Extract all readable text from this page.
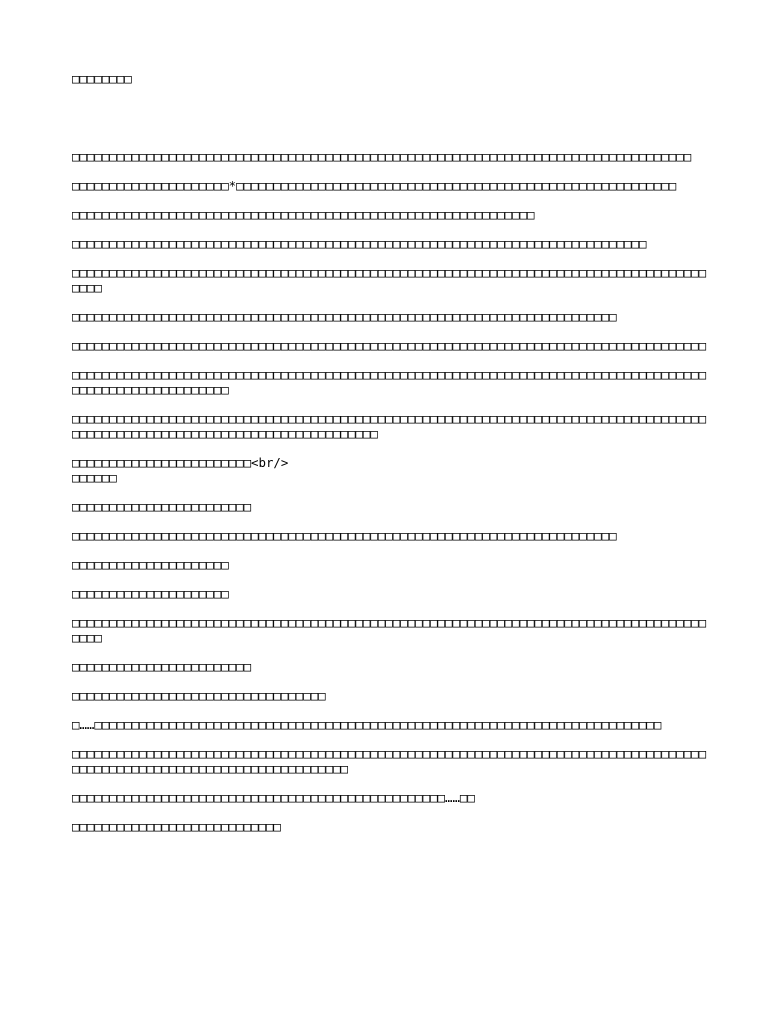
□□□□□□□□

□□□□□□□□□□□□□□□□□□□□□□□□□□□□□□□□□□□□□□□□□□□□□□□□□□□□□□□□□□□□□□□□□□□□□□□□□□□□□□□□□□□

□□□□□□□□□□□□□□□□□□□□□*□□□□□□□□□□□□□□□□□□□□□□□□□□□□□□□□□□□□□□□□□□□□□□□□□□□□□□□□□□□

□□□□□□□□□□□□□□□□□□□□□□□□□□□□□□□□□□□□□□□□□□□□□□□□□□□□□□□□□□□□□□

□□□□□□□□□□□□□□□□□□□□□□□□□□□□□□□□□□□□□□□□□□□□□□□□□□□□□□□□□□□□□□□□□□□□□□□□□□□□□

□□□□□□□□□□□□□□□□□□□□□□□□□□□□□□□□□□□□□□□□□□□□□□□□□□□□□□□□□□□□□□□□□□□□□□□□□□□□□□□□□□□□□□□□□

□□□□□□□□□□□□□□□□□□□□□□□□□□□□□□□□□□□□□□□□□□□□□□□□□□□□□□□□□□□□□□□□□□□□□□□□□

□□□□□□□□□□□□□□□□□□□□□□□□□□□□□□□□□□□□□□□□□□□□□□□□□□□□□□□□□□□□□□□□□□□□□□□□□□□□□□□□□□□□□

□□□□□□□□□□□□□□□□□□□□□□□□□□□□□□□□□□□□□□□□□□□□□□□□□□□□□□□□□□□□□□□□□□□□□□□□□□□□□□□□□□□□□□□□□□□□□□□□□□□□□□□□□□

□□□□□□□□□□□□□□□□□□□□□□□□□□□□□□□□□□□□□□□□□□□□□□□□□□□□□□□□□□□□□□□□□□□□□□□□□□□□□□□□□□□□□□□□□□□□□□□□□□□□□□□□□□□□□□□□□□□□□□□□□□□□□□

□□□□□□□□□□□□□□□□□□□□□□□□<br/>
□□□□□□

□□□□□□□□□□□□□□□□□□□□□□□□

□□□□□□□□□□□□□□□□□□□□□□□□□□□□□□□□□□□□□□□□□□□□□□□□□□□□□□□□□□□□□□□□□□□□□□□□□

□□□□□□□□□□□□□□□□□□□□□

□□□□□□□□□□□□□□□□□□□□□

□□□□□□□□□□□□□□□□□□□□□□□□□□□□□□□□□□□□□□□□□□□□□□□□□□□□□□□□□□□□□□□□□□□□□□□□□□□□□□□□□□□□□□□□□

□□□□□□□□□□□□□□□□□□□□□□□□

□□□□□□□□□□□□□□□□□□□□□□□□□□□□□□□□□□

□……□□□□□□□□□□□□□□□□□□□□□□□□□□□□□□□□□□□□□□□□□□□□□□□□□□□□□□□□□□□□□□□□□□□□□□□□□□□□

□□□□□□□□□□□□□□□□□□□□□□□□□□□□□□□□□□□□□□□□□□□□□□□□□□□□□□□□□□□□□□□□□□□□□□□□□□□□□□□□□□□□□□□□□□□□□□□□□□□□□□□□□□□□□□□□□□□□□□□□□□

□□□□□□□□□□□□□□□□□□□□□□□□□□□□□□□□□□□□□□□□□□□□□□□□□□……□□

□□□□□□□□□□□□□□□□□□□□□□□□□□□□
